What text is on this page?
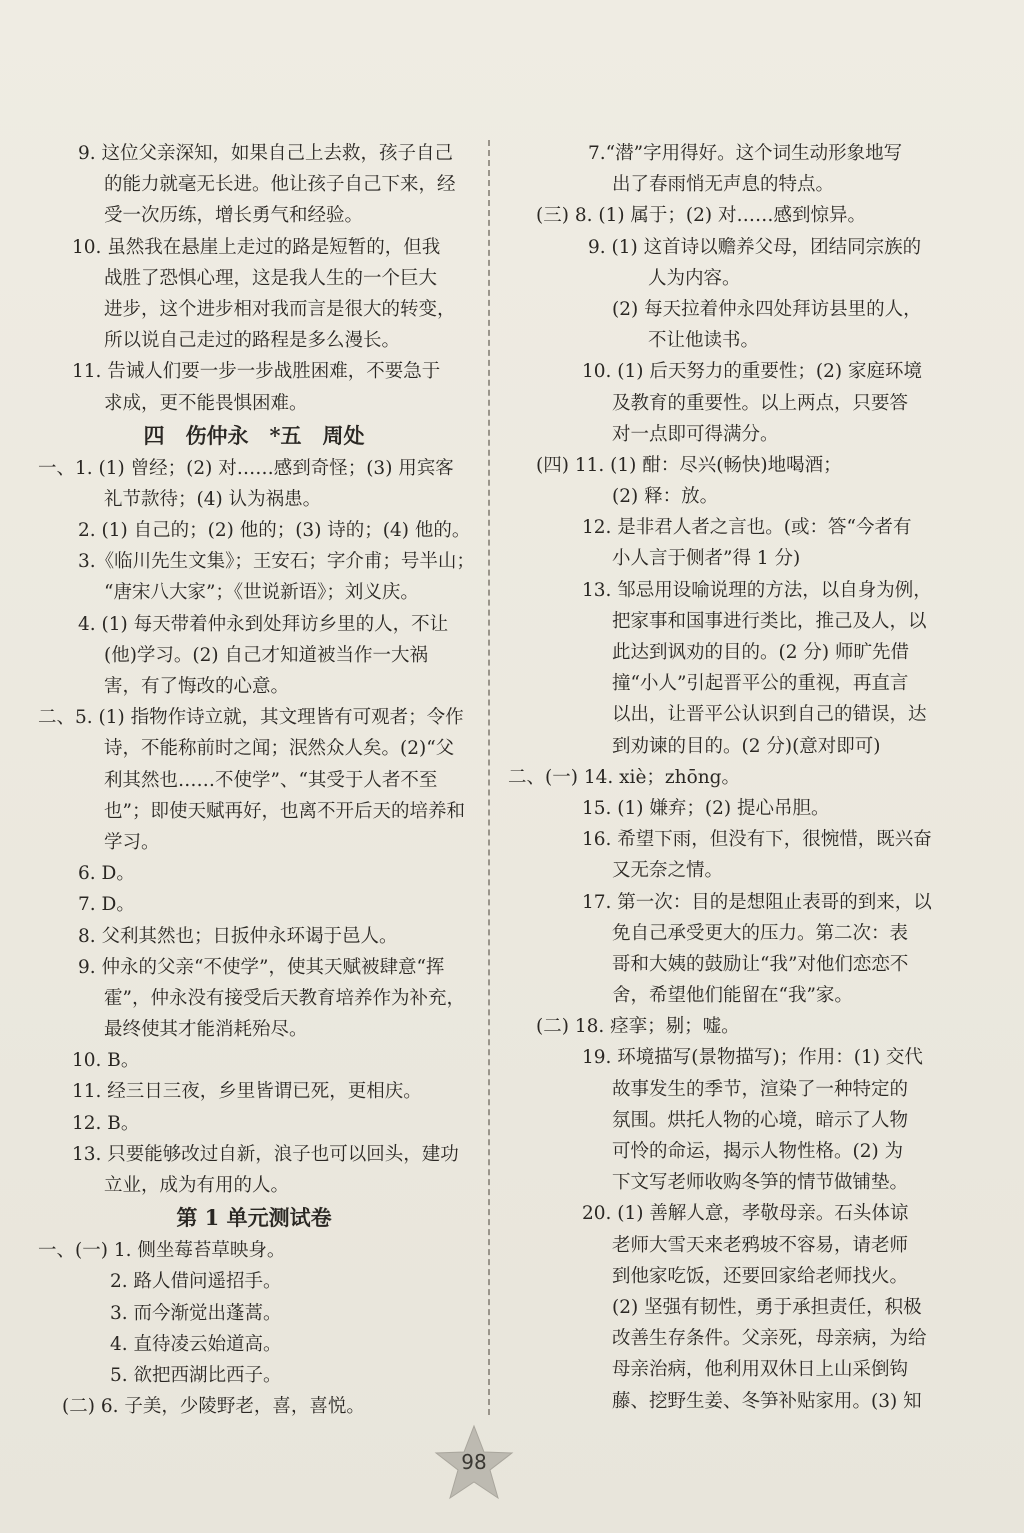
9. 这位父亲深知，如果自己上去救，孩子自己
的能力就毫无长进。他让孩子自己下来，经
受一次历练，增长勇气和经验。
10. 虽然我在悬崖上走过的路是短暂的，但我
战胜了恐惧心理，这是我人生的一个巨大
进步，这个进步相对我而言是很大的转变，
所以说自己走过的路程是多么漫长。
11. 告诫人们要一步一步战胜困难，不要急于
求成，更不能畏惧困难。
四　伤仲永　*五　周处
一、1. (1) 曾经；(2) 对……感到奇怪；(3) 用宾客
礼节款待；(4) 认为祸患。
2. (1) 自己的；(2) 他的；(3) 诗的；(4) 他的。
3.《临川先生文集》；王安石；字介甫；号半山；
“唐宋八大家”；《世说新语》；刘义庆。
4. (1) 每天带着仲永到处拜访乡里的人，不让
(他)学习。(2) 自己才知道被当作一大祸
害，有了悔改的心意。
二、5. (1) 指物作诗立就，其文理皆有可观者；令作
诗，不能称前时之闻；泯然众人矣。(2)“父
利其然也……不使学”、“其受于人者不至
也”；即使天赋再好，也离不开后天的培养和
学习。
6. D。
7. D。
8. 父利其然也；日扳仲永环谒于邑人。
9. 仲永的父亲“不使学”，使其天赋被肆意“挥
霍”，仲永没有接受后天教育培养作为补充，
最终使其才能消耗殆尽。
10. B。
11. 经三日三夜，乡里皆谓已死，更相庆。
12. B。
13. 只要能够改过自新，浪子也可以回头，建功
立业，成为有用的人。
第 1 单元测试卷
一、(一) 1. 侧坐莓苔草映身。
2. 路人借问遥招手。
3. 而今渐觉出蓬蒿。
4. 直待凌云始道高。
5. 欲把西湖比西子。
(二) 6. 子美，少陵野老，喜，喜悦。
7.“潜”字用得好。这个词生动形象地写
出了春雨悄无声息的特点。
(三) 8. (1) 属于；(2) 对……感到惊异。
9. (1) 这首诗以赡养父母，团结同宗族的
人为内容。
(2) 每天拉着仲永四处拜访县里的人，
不让他读书。
10. (1) 后天努力的重要性；(2) 家庭环境
及教育的重要性。以上两点，只要答
对一点即可得满分。
(四) 11. (1) 酣：尽兴(畅快)地喝酒；
(2) 释：放。
12. 是非君人者之言也。(或：答“今者有
小人言于侧者”得 1 分)
13. 邹忌用设喻说理的方法，以自身为例，
把家事和国事进行类比，推己及人，以
此达到讽劝的目的。(2 分) 师旷先借
撞“小人”引起晋平公的重视，再直言
以出，让晋平公认识到自己的错误，达
到劝谏的目的。(2 分)(意对即可)
二、(一) 14. xiè；zhōng。
15. (1) 嫌弃；(2) 提心吊胆。
16. 希望下雨，但没有下，很惋惜，既兴奋
又无奈之情。
17. 第一次：目的是想阻止表哥的到来，以
免自己承受更大的压力。第二次：表
哥和大姨的鼓励让“我”对他们恋恋不
舍，希望他们能留在“我”家。
(二) 18. 痉挛；剔；嘘。
19. 环境描写(景物描写)；作用：(1) 交代
故事发生的季节，渲染了一种特定的
氛围。烘托人物的心境，暗示了人物
可怜的命运，揭示人物性格。(2) 为
下文写老师收购冬笋的情节做铺垫。
20. (1) 善解人意，孝敬母亲。石头体谅
老师大雪天来老鸦坡不容易，请老师
到他家吃饭，还要回家给老师找火。
(2) 坚强有韧性，勇于承担责任，积极
改善生存条件。父亲死，母亲病，为给
母亲治病，他利用双休日上山采倒钩
藤、挖野生姜、冬笋补贴家用。(3) 知
98
